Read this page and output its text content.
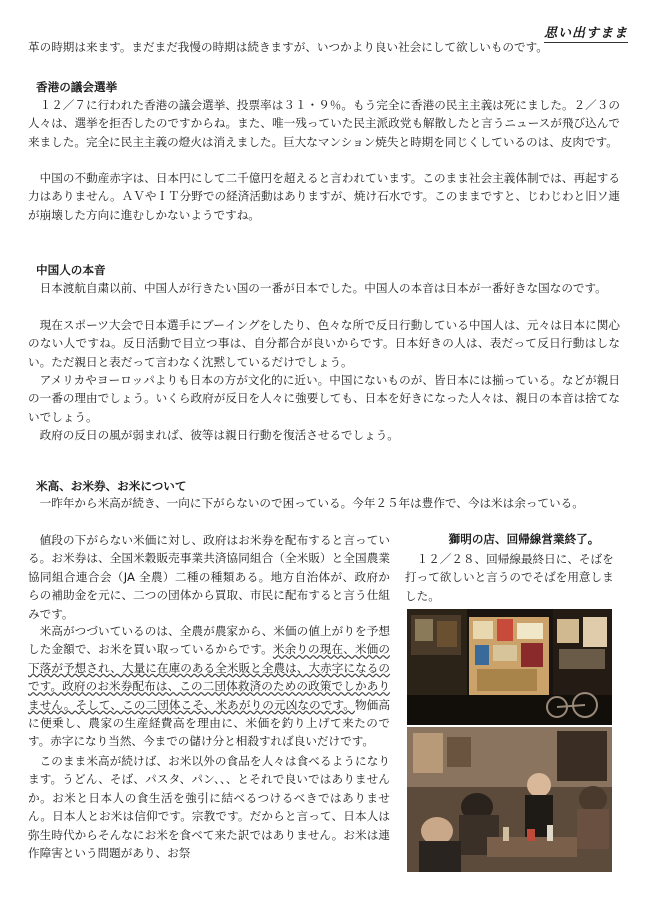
思い出すまま

革の時期は来ます。まだまだ我慢の時期は続きますが、いつかより良い社会にして欲しいものです。

香港の議会選挙

１２／７に行われた香港の議会選挙、投票率は３１・９％。もう完全に香港の民主主義は死にました。２／３の人々は、選挙を拒否したのですからね。また、唯一残っていた民主派政党も解散したと言うニュースが飛び込んで来ました。完全に民主主義の燈火は消えました。巨大なマンション焼失と時期を同じくしているのは、皮肉です。

中国の不動産赤字は、日本円にして二千億円を超えると言われています。このまま社会主義体制では、再起する力はありません。ＡＶやＩＴ分野での経済活動はありますが、焼け石水です。このままですと、じわじわと旧ソ連が崩壊した方向に進むしかないようですね。

中国人の本音

日本渡航自粛以前、中国人が行きたい国の一番が日本でした。中国人の本音は日本が一番好きな国なのです。

現在スポーツ大会で日本選手にブーイングをしたり、色々な所で反日行動している中国人は、元々は日本に関心のない人ですね。反日活動で目立つ事は、自分都合が良いからです。日本好きの人は、表だって反日行動はしない。ただ親日と表だって言わなく沈黙しているだけでしょう。

アメリカやヨーロッパよりも日本の方が文化的に近い。中国にないものが、皆日本には揃っている。などが親日の一番の理由でしょう。いくら政府が反日を人々に強要しても、日本を好きになった人々は、親日の本音は捨てないでしょう。

政府の反日の風が弱まれば、彼等は親日行動を復活させるでしょう。

米高、お米券、お米について

一昨年から米高が続き、一向に下がらないので困っている。今年２５年は豊作で、今は米は余っている。

値段の下がらない米価に対し、政府はお米券を配布すると言っている。お米券は、全国米穀販売事業共済協同組合（全米販）と全国農業協同組合連合会（JA 全農）二種の種類ある。地方自治体が、政府からの補助金を元に、二つの団体から買取、市民に配布すると言う仕組みです。

米高がつづいているのは、全農が農家から、米価の値上がりを予想した金額で、お米を買い取っているからです。米余りの現在、米価の下落が予想され、大量に在庫のある全米販と全農は、大赤字になるのです。政府のお米券配布は、この二団体救済のための政策でしかありません。そして、この二団体こそ、米あがりの元凶なのです。物価高に便乗し、農家の生産経費高を理由に、米価を釣り上げて来たのです。赤字になり当然、今までの儲け分と相殺すれば良いだけです。

このまま米高が続けば、お米以外の食品を人々は食べるようになります。うどん、そば、パスタ、パン、、、とそれで良いではありませんか。お米と日本人の食生活を強引に結べるつけるべきではありません。日本人とお米は信仰です。宗教です。だからと言って、日本人は弥生時代からそんなにお米を食べて来た訳ではありません。お米は連作障害という問題があり、お祭

獅明の店、回帰線営業終了。
１２／２８、回帰線最終日に、そばを打って欲しいと言うのでそばを用意しました。
